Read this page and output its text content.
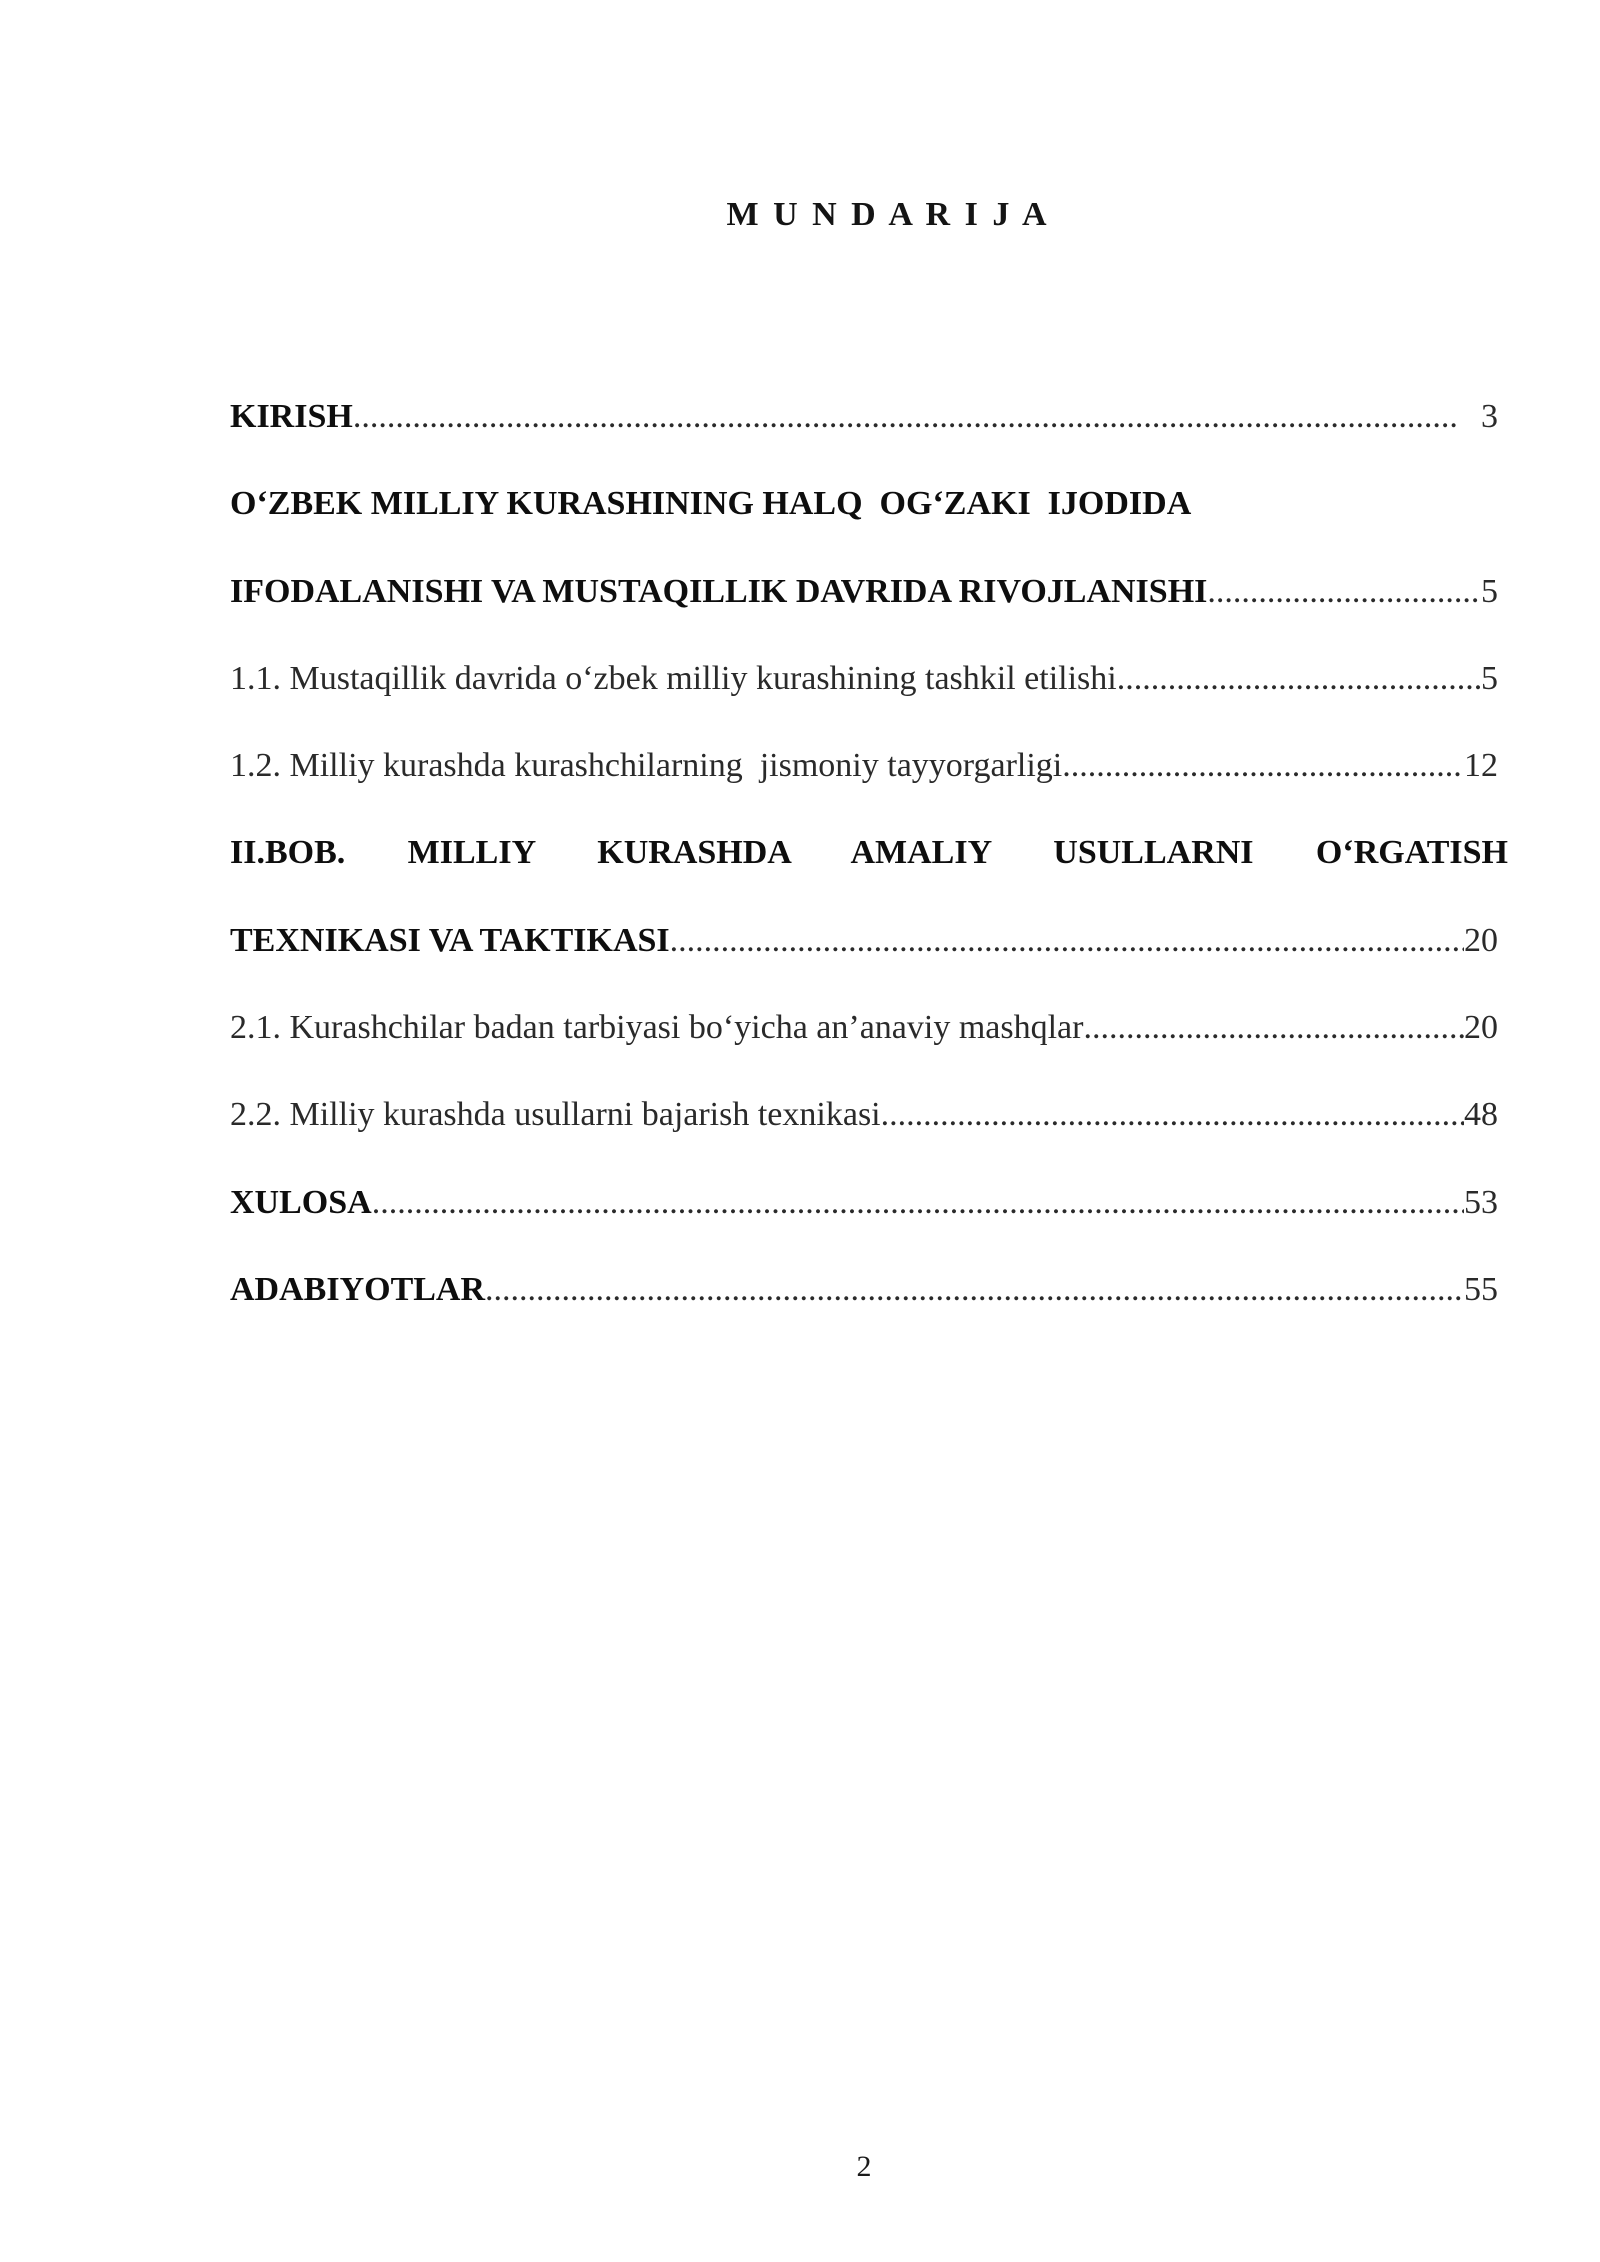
M U N D A R I J A
KIRISH .....	3
O‘ZBEK MILLIY KURASHINING HALQ  OG‘ZAKI  IJODIDA
IFODALANISHI VA MUSTAQILLIK DAVRIDA RIVOJLANISHI .....	5
1.1. Mustaqillik davrida o‘zbek milliy kurashining tashkil etilishi .....	5
1.2. Milliy kurashda kurashchilarning  jismoniy tayyorgarligi .....	12
II.BOB. MILLIY KURASHDA AMALIY USULLARNI O‘RGATISH
TEXNIKASI VA TAKTIKASI .....	20
2.1. Kurashchilar badan tarbiyasi bo‘yicha an’anaviy mashqlar .....	20
2.2. Milliy kurashda usullarni bajarish texnikasi .....	48
XULOSA .....	53
ADABIYOTLAR .....	55
2
